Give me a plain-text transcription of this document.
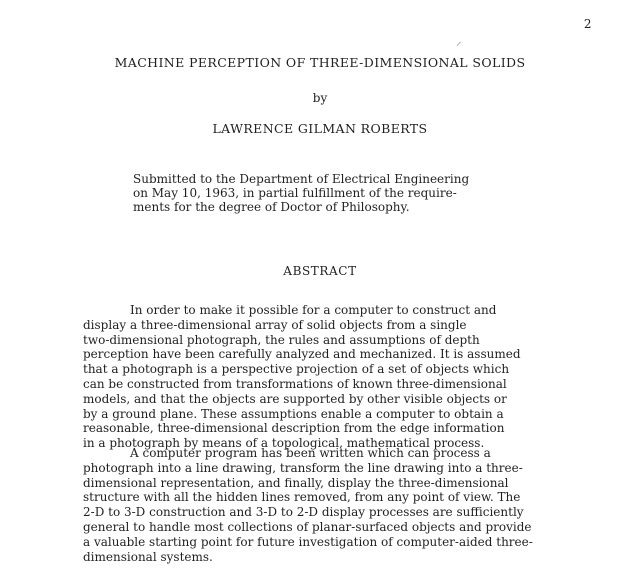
2
⸝
MACHINE PERCEPTION OF THREE-DIMENSIONAL SOLIDS
by
LAWRENCE GILMAN ROBERTS
Submitted to the Department of Electrical Engineering
on May 10, 1963, in partial fulfillment of the require-
ments for the degree of Doctor of Philosophy.
ABSTRACT
In order to make it possible for a computer to construct and
display a three-dimensional array of solid objects from a single
two-dimensional photograph, the rules and assumptions of depth
perception have been carefully analyzed and mechanized. It is assumed
that a photograph is a perspective projection of a set of objects which
can be constructed from transformations of known three-dimensional
models, and that the objects are supported by other visible objects or
by a ground plane. These assumptions enable a computer to obtain a
reasonable, three-dimensional description from the edge information
in a photograph by means of a topological, mathematical process.
A computer program has been written which can process a
photograph into a line drawing, transform the line drawing into a three-
dimensional representation, and finally, display the three-dimensional
structure with all the hidden lines removed, from any point of view. The
2-D to 3-D construction and 3-D to 2-D display processes are sufficiently
general to handle most collections of planar-surfaced objects and provide
a valuable starting point for future investigation of computer-aided three-
dimensional systems.
